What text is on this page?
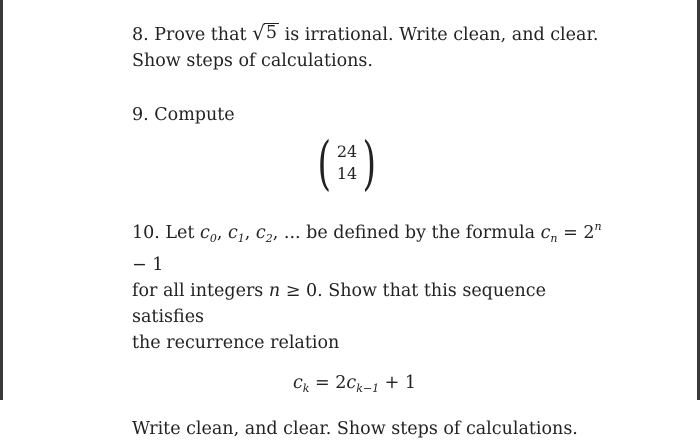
8. Prove that √ 5 is irrational. Write clean, and clear.
Show steps of calculations.
9. Compute
( 24
14 )
10. Let $c_0$, $c_1$, $c_2$, ... be defined by the formula $c_n = 2^n - 1$
for all integers n ≥ 0. Show that this sequence satisfies
the recurrence relation
$c_k = 2c_{k-1} + 1$
Write clean, and clear. Show steps of calculations.
